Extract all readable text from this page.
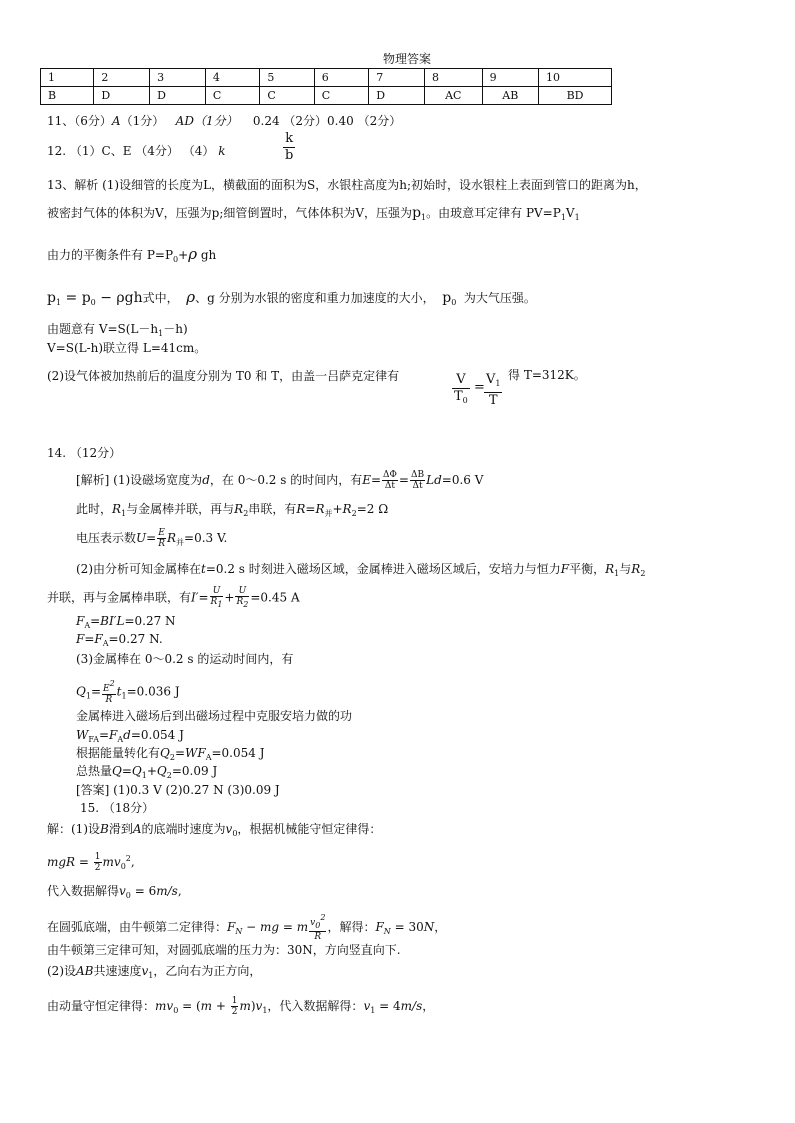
物理答案
1	2	3	4	5	6	7	8	9	10
B	D	D	C	C	C	D	AC	AB	BD
11、（6分）A（1分） AD（1分） 0.24 （2分）0.40 （2分）
12. （1）C、E （4分） （4） k	$\frac{k}{b}$
13、解析 (1)设细管的长度为L，横截面的面积为S，水银柱高度为h;初始时，设水银柱上表面到管口的距离为h，
被密封气体的体积为V，压强为p;细管倒置时，气体体积为V，压强为$p_1$。由玻意耳定律有 $PV=P_1V_1$
由力的平衡条件有 $P=P_0+\rho$ gh
$p_1 = p_0 - \rho gh$式中， ρ、g 分别为水银的密度和重力加速度的大小， $p_0$ 为大气压强。
由题意有 $V=S(L-h_1-h)$
V=S(L-h)联立得 L=41cm。
(2)设气体被加热前后的温度分别为 T0 和 T，由盖一吕萨克定律有	$\frac{V}{T_0} = \frac{V_1}{T}$ 得 T=312K。
14. （12分）
[解析] (1)设磁场宽度为d，在 0～0.2 s 的时间内，有$E= \frac{\Delta\Phi}{\Delta t} = \frac{\Delta B}{\Delta t} Ld=0.6$ V
此时，$R_1$与金属棒并联，再与$R_2$串联，有$R=R_并+R_2=2$ Ω
电压表示数$U= \frac{E}{R} R_并=0.3$ V.
(2)由分析可知金属棒在t=0.2 s 时刻进入磁场区域，金属棒进入磁场区域后，安培力与恒力F平衡，$R_1$与$R_2$
并联，再与金属棒串联，有$I'= \frac{U}{R1} + \frac{U}{R2} =0.45$ A
$F_A=BI'L=0.27$ N
$F=F_A=0.27$ N.
(3)金属棒在 0～0.2 s 的运动时间内，有
$Q_1= \frac{E2}{R} t_1=0.036$ J
金属棒进入磁场后到出磁场过程中克服安培力做的功
$W_{FA}=F_Ad=0.054$ J
根据能量转化有$Q_2=WF_A=0.054$ J
总热量$Q=Q_1+Q_2=0.09$ J
[答案] (1)0.3 V (2)0.27 N (3)0.09 J
15. （18分）
解：(1)设B滑到A的底端时速度为$v_0$，根据机械能守恒定律得：
mgR = $\frac{1}{2} mv_0^2$,
代入数据解得$v_0 = 6m/s$,
在圆弧底端，由牛顿第二定律得：$F_N$ − mg = m $\frac{v02}{R}$ ，解得：$F_N = 30N$，
由牛顿第三定律可知，对圆弧底端的压力为：30N，方向竖直向下.
(2)设AB共速速度$v_1$，乙向右为正方向，
由动量守恒定律得：$mv_0 = (m + \frac{1}{2} m)v_1$，代入数据解得：$v_1 = 4m/s$，
